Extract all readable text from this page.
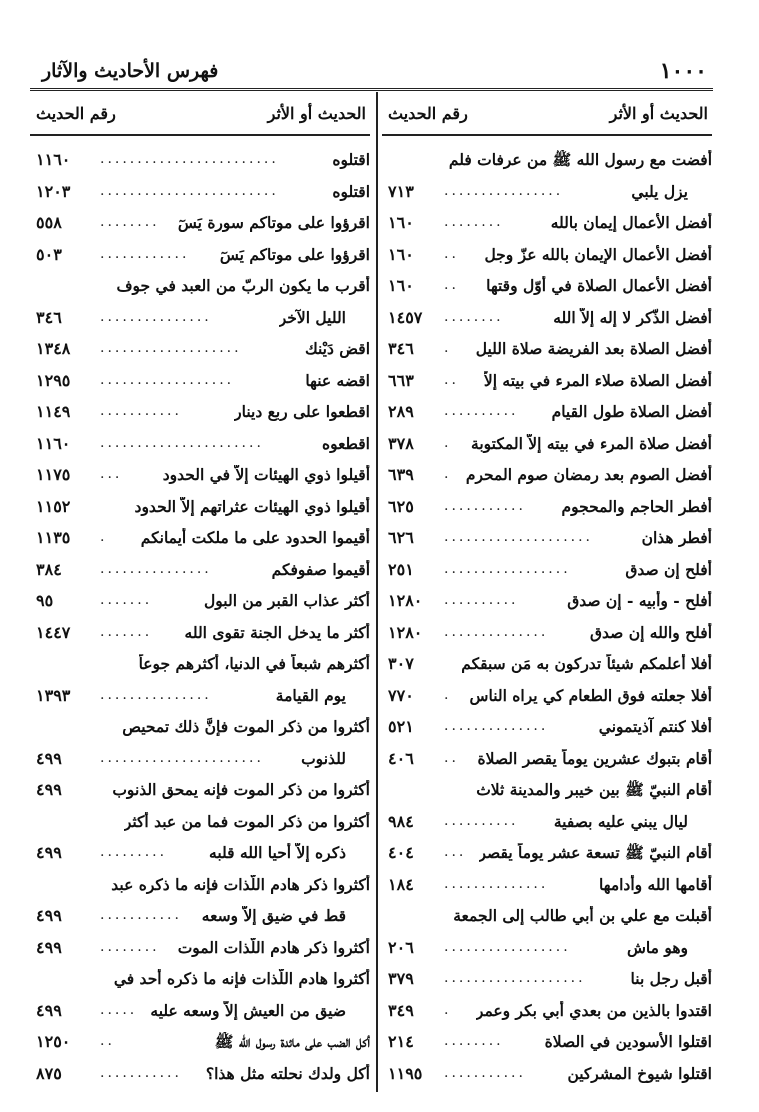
١٠٠٠
فهرس الأحاديث والآثار
الحديث أو الأثر
رقم الحديث
أفضت مع رسول الله ﷺ من عرفات فلم
يزل يلبي
................
٧١٣
أفضل الأعمال إيمان بالله
........
١٦٠
أفضل الأعمال الإيمان بالله عزّ وجل
..
١٦٠
أفضل الأعمال الصلاة في أوّل وقتها
..
١٦٠
أفضل الذّكر لا إله إلاّ الله
........
١٤٥٧
أفضل الصلاة بعد الفريضة صلاة الليل
.
٣٤٦
أفضل الصلاة صلاء المرء في بيته إلاّ
..
٦٦٣
أفضل الصلاة طول القيام
..........
٢٨٩
أفضل صلاة المرء في بيته إلاّ المكتوبة
.
٣٧٨
أفضل الصوم بعد رمضان صوم المحرم
.
٦٣٩
أفطر الحاجم والمحجوم
...........
٦٢٥
أفطر هذان
....................
٦٢٦
أفلح إن صدق
.................
٢٥١
أفلح - وأبيه - إن صدق
..........
١٢٨٠
أفلح والله إن صدق
..............
١٢٨٠
أفلا أعلمكم شيئاً تدركون به مَن سبقكم
٣٠٧
أفلا جعلته فوق الطعام كي يراه الناس
.
٧٧٠
أفلا كنتم آذيتموني
..............
٥٢١
أقام بتبوك عشرين يوماً يقصر الصلاة
..
٤٠٦
أقام النبيّ ﷺ بين خيبر والمدينة ثلاث
ليال يبني عليه بصفية
..........
٩٨٤
أقام النبيّ ﷺ تسعة عشر يوماً يقصر
...
٤٠٤
أقامها الله وأدامها
..............
١٨٤
أقبلت مع علي بن أبي طالب إلى الجمعة
وهو ماشٍ
.................
٢٠٦
أقبل رجل بنا
...................
٣٧٩
اقتدوا بالذين من بعدي أبي بكر وعمر
.
٣٤٩
اقتلوا الأسودين في الصلاة
........
٢١٤
اقتلوا شيوخ المشركين
...........
١١٩٥
الحديث أو الأثر
رقم الحديث
اقتلوه
........................
١١٦٠
اقتلوه
........................
١٢٠٣
اقرؤوا على موتاكم سورة يَسٓ
........
٥٥٨
اقرؤوا على موتاكم يَسٓ
............
٥٠٣
أقرب ما يكون الربّ من العبد في جوف
الليل الآخر
...............
٣٤٦
اقضِ دَيْنك
...................
١٣٤٨
اقضه عنها
..................
١٢٩٥
اقطعوا على ربع دينار
...........
١١٤٩
اقطعوه
......................
١١٦٠
أقيلوا ذوي الهيئات إلاّ في الحدود
...
١١٧٥
أقيلوا ذوي الهيئات عثراتهم إلاّ الحدود
١١٥٢
أقيموا الحدود على ما ملكت أيمانكم
.
١١٣٥
أقيموا صفوفكم
...............
٣٨٤
أكثر عذاب القبر من البول
.......
٩٥
أكثر ما يدخل الجنة تقوى الله
.......
١٤٤٧
أكثرهم شبعاً في الدنيا، أكثرهم جوعاً
يوم القيامة
...............
١٣٩٣
أكثروا من ذكر الموت فإنَّ ذلك تمحيص
للذنوب
......................
٤٩٩
أكثروا من ذكر الموت فإنه يمحق الذنوب
٤٩٩
أكثروا من ذكر الموت فما من عبد أكثر
ذكره إلاّ أحيا الله قلبه
.........
٤٩٩
أكثروا ذكر هادم اللّذات فإنه ما ذكره عبد
قط في ضيق إلاّ وسعه
...........
٤٩٩
أكثروا ذكر هادم اللّذات الموت
........
٤٩٩
أكثروا هادم اللّذات فإنه ما ذكره أحد في
ضيق من العيش إلاّ وسعه عليه
.....
٤٩٩
أكل الضب على مائدة رسول الله ﷺ
..
١٢٥٠
أكل ولدك نحلته مثل هذا؟
...........
٨٧٥
